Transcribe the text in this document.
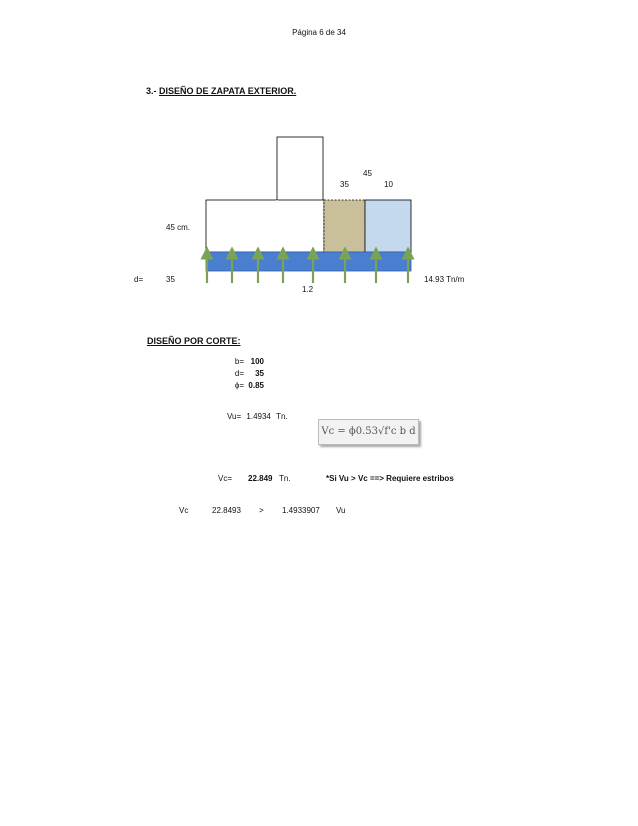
Página 6 de 34
3.- DISEÑO DE ZAPATA EXTERIOR.
45
35	10
45 cm.
d=	35	14.93 Tn/m
1.2
DISEÑO POR CORTE:
b= 100
d=	35
ϕ= 0.85
Vu= 1.4934 Tn.
Vc = ϕ0.53√f'c b d
Vc= 22.849 Tn.	*Si Vu > Vc ==> Requiere estribos
Vc	22.8493 > 1.4933907 Vu
